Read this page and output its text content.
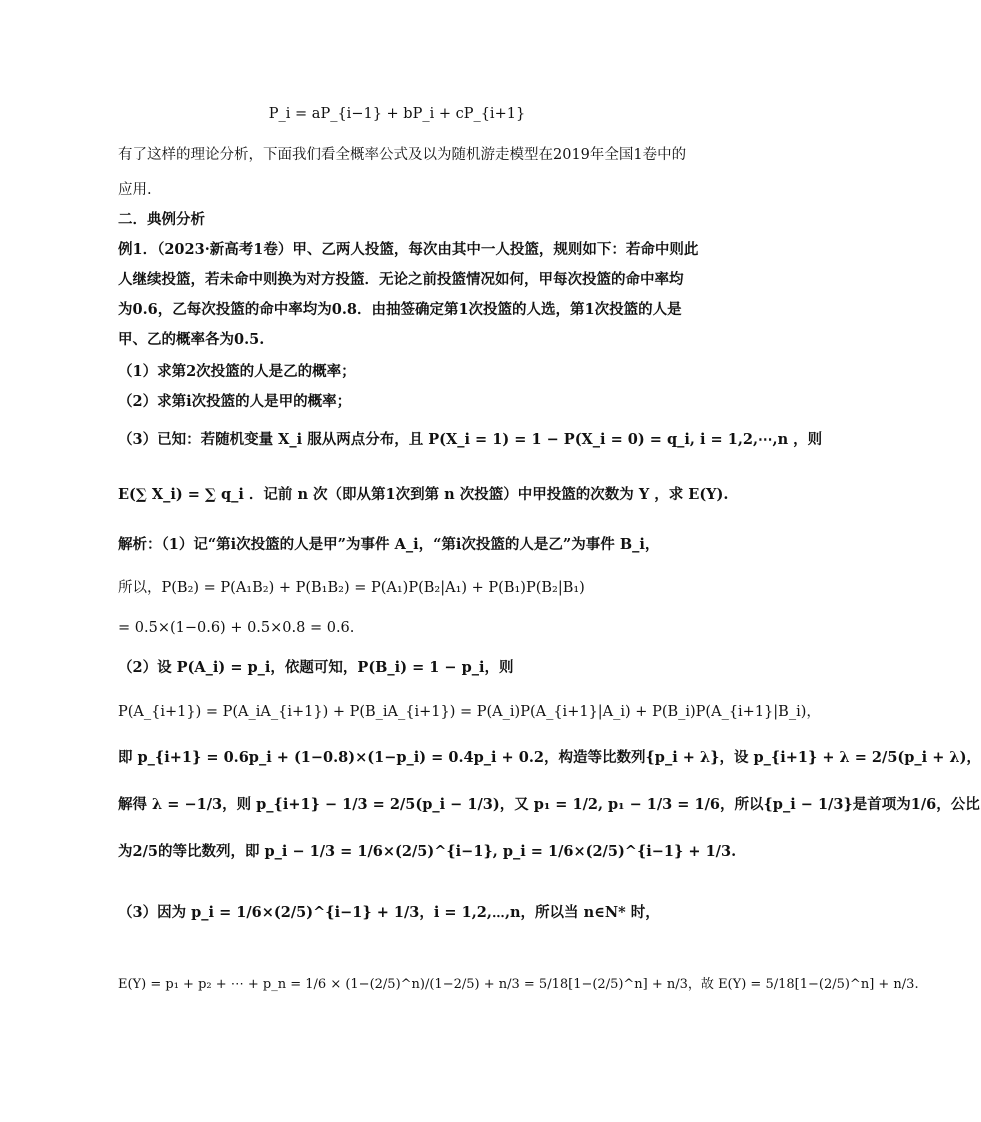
P_i = aP_{i−1} + bP_i + cP_{i+1}
有了这样的理论分析，下面我们看全概率公式及以为随机游走模型在2019年全国1卷中的
应用.
二．典例分析
例1．（2023·新高考1卷）甲、乙两人投篮，每次由其中一人投篮，规则如下：若命中则此
人继续投篮，若未命中则换为对方投篮．无论之前投篮情况如何，甲每次投篮的命中率均
为0.6，乙每次投篮的命中率均为0.8．由抽签确定第1次投篮的人选，第1次投篮的人是
甲、乙的概率各为0.5.
（1）求第2次投篮的人是乙的概率；
（2）求第i次投篮的人是甲的概率；
（3）已知：若随机变量 X_i 服从两点分布，且 P(X_i = 1) = 1 − P(X_i = 0) = q_i, i = 1,2,⋯,n ，则
E(∑ X_i) = ∑ q_i ．记前 n 次（即从第1次到第 n 次投篮）中甲投篮的次数为 Y ，求 E(Y).
解析：（1）记“第i次投篮的人是甲”为事件 A_i，“第i次投篮的人是乙”为事件 B_i，
所以，P(B₂) = P(A₁B₂) + P(B₁B₂) = P(A₁)P(B₂|A₁) + P(B₁)P(B₂|B₁)
= 0.5×(1−0.6) + 0.5×0.8 = 0.6.
（2）设 P(A_i) = p_i，依题可知，P(B_i) = 1 − p_i，则
P(A_{i+1}) = P(A_iA_{i+1}) + P(B_iA_{i+1}) = P(A_i)P(A_{i+1}|A_i) + P(B_i)P(A_{i+1}|B_i)，
即 p_{i+1} = 0.6p_i + (1−0.8)×(1−p_i) = 0.4p_i + 0.2，构造等比数列{p_i + λ}，设 p_{i+1} + λ = 2/5(p_i + λ)，
解得 λ = −1/3，则 p_{i+1} − 1/3 = 2/5(p_i − 1/3)，又 p₁ = 1/2, p₁ − 1/3 = 1/6，所以{p_i − 1/3}是首项为1/6，公比
为2/5的等比数列，即 p_i − 1/3 = 1/6×(2/5)^{i−1}, p_i = 1/6×(2/5)^{i−1} + 1/3.
（3）因为 p_i = 1/6×(2/5)^{i−1} + 1/3，i = 1,2,⋯,n，所以当 n∈N* 时，
E(Y) = p₁ + p₂ + ⋯ + p_n = 1/6 × (1−(2/5)^n)/(1−2/5) + n/3 = 5/18[1−(2/5)^n] + n/3，故 E(Y) = 5/18[1−(2/5)^n] + n/3.
